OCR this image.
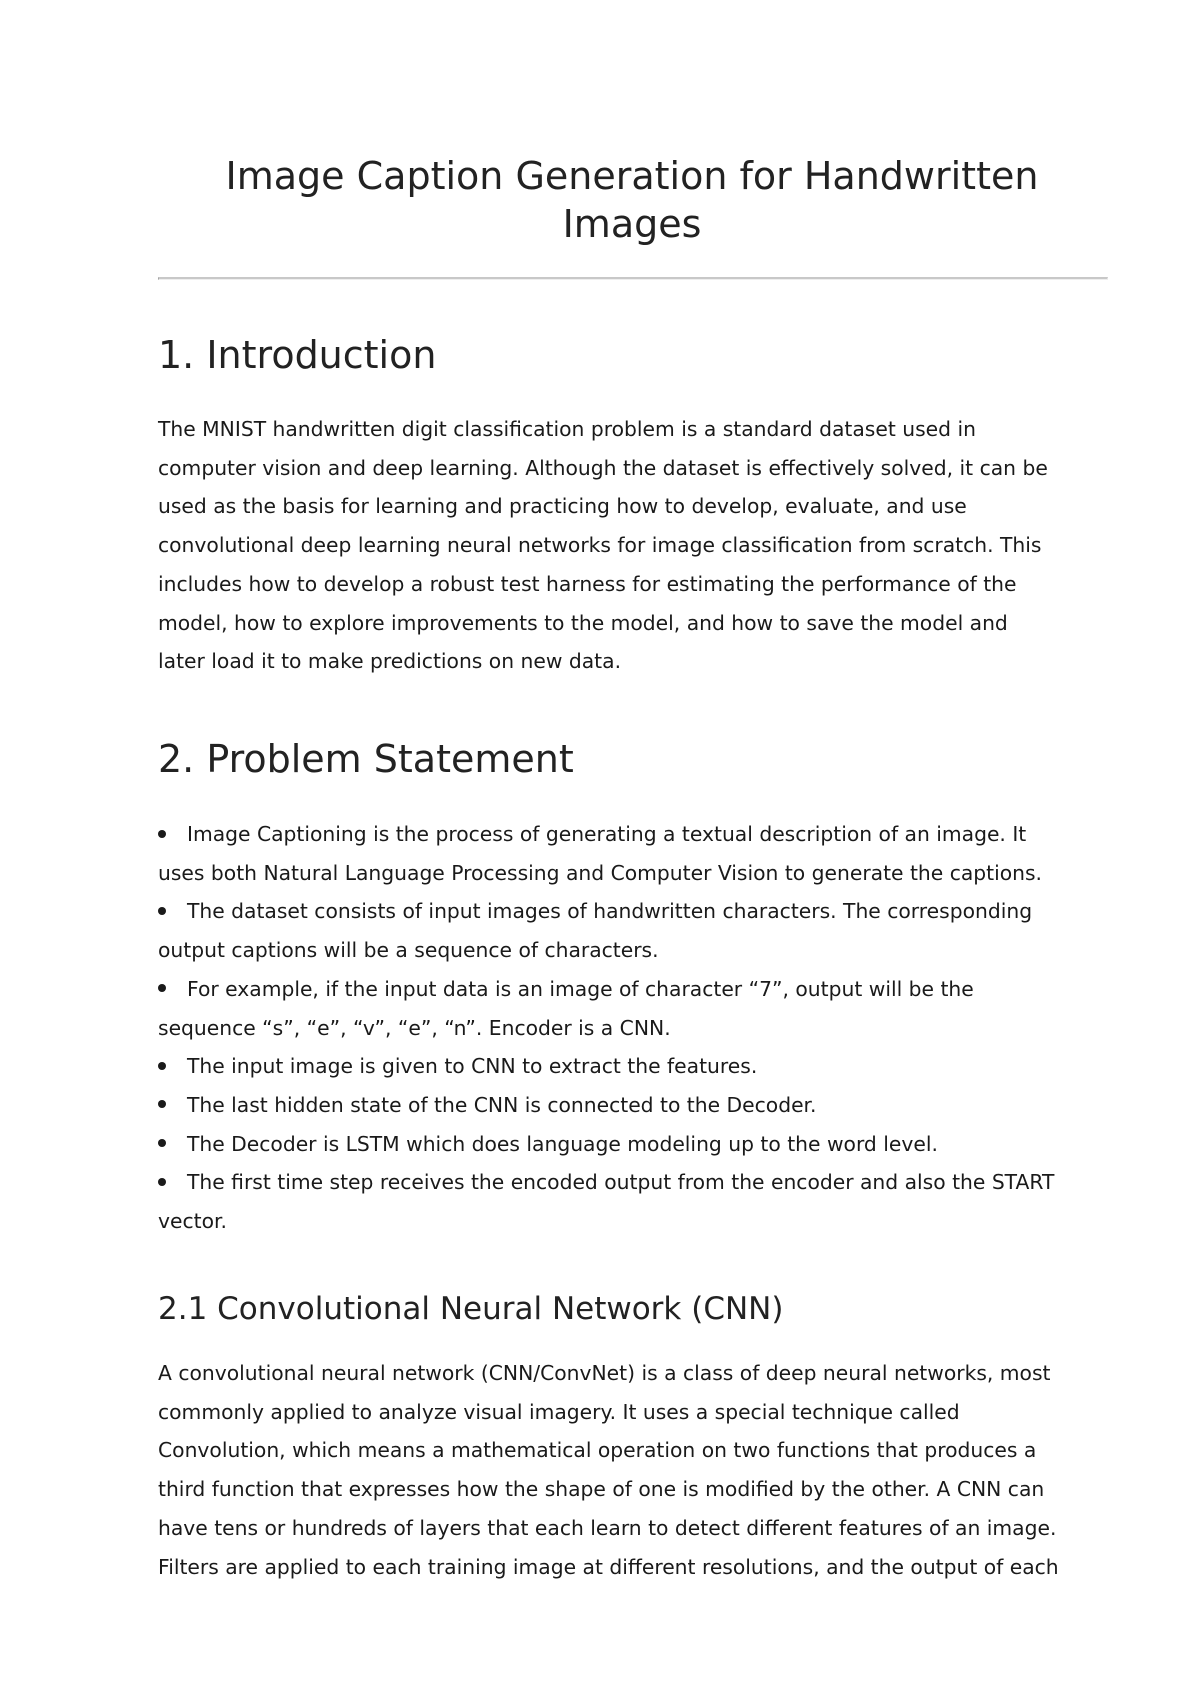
Image Caption Generation for Handwritten
Images
1. Introduction

The MNIST handwritten digit classification problem is a standard dataset used in
computer vision and deep learning. Although the dataset is effectively solved, it can be
used as the basis for learning and practicing how to develop, evaluate, and use
convolutional deep learning neural networks for image classification from scratch. This
includes how to develop a robust test harness for estimating the performance of the
model, how to explore improvements to the model, and how to save the model and
later load it to make predictions on new data.

2. Problem Statement
Image Captioning is the process of generating a textual description of an image. It
uses both Natural Language Processing and Computer Vision to generate the captions.
The dataset consists of input images of handwritten characters. The corresponding
output captions will be a sequence of characters.
For example, if the input data is an image of character “7”, output will be the
sequence “s”, “e”, “v”, “e”, “n”. Encoder is a CNN.
The input image is given to CNN to extract the features.
The last hidden state of the CNN is connected to the Decoder.
The Decoder is LSTM which does language modeling up to the word level.
The first time step receives the encoded output from the encoder and also the START
vector.
2.1 Convolutional Neural Network (CNN)

A convolutional neural network (CNN/ConvNet) is a class of deep neural networks, most
commonly applied to analyze visual imagery. It uses a special technique called
Convolution, which means a mathematical operation on two functions that produces a
third function that expresses how the shape of one is modified by the other. A CNN can
have tens or hundreds of layers that each learn to detect different features of an image.
Filters are applied to each training image at different resolutions, and the output of each
